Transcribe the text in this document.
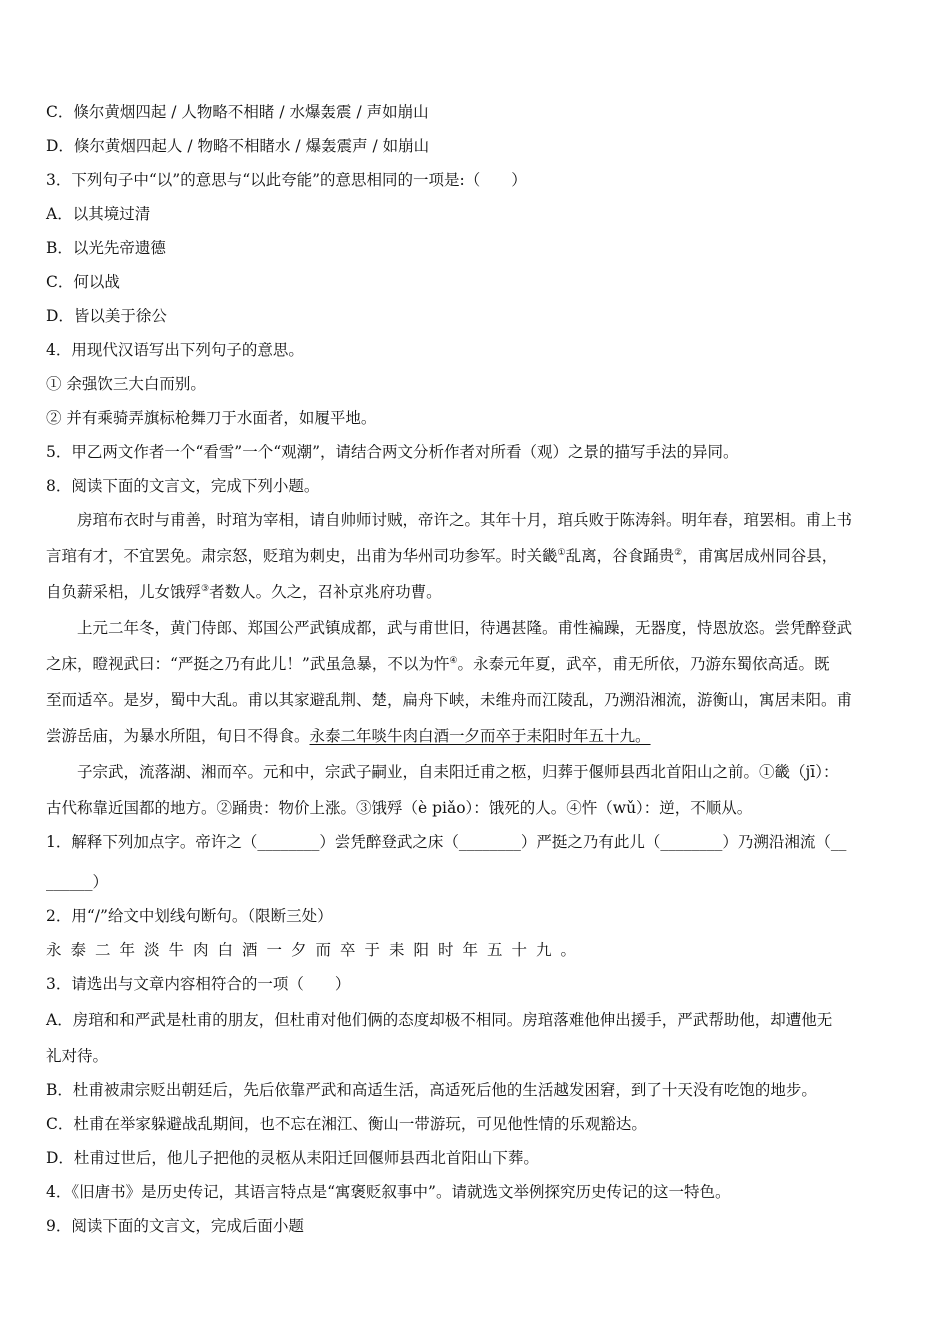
C．倏尔黄烟四起 / 人物略不相睹 / 水爆轰震 / 声如崩山
D．倏尔黄烟四起人 / 物略不相睹水 / 爆轰震声 / 如崩山
3．下列句子中“以”的意思与“以此夸能”的意思相同的一项是:（　　）
A．以其境过清
B．以光先帝遗德
C．何以战
D．皆以美于徐公
4．用现代汉语写出下列句子的意思。
① 余强饮三大白而别。
② 并有乘骑弄旗标枪舞刀于水面者，如履平地。
5．甲乙两文作者一个“看雪”一个“观潮”，请结合两文分析作者对所看（观）之景的描写手法的异同。
8．阅读下面的文言文，完成下列小题。
　　房琯布衣时与甫善，时琯为宰相，请自帅师讨贼，帝许之。其年十月，琯兵败于陈涛斜。明年春，琯罢相。甫上书
言琯有才，不宜罢免。肃宗怒，贬琯为刺史，出甫为华州司功参军。时关畿①乱离，谷食踊贵②，甫寓居成州同谷县，
自负薪采梠，儿女饿殍③者数人。久之，召补京兆府功曹。
　　上元二年冬，黄门侍郎、郑国公严武镇成都，武与甫世旧，待遇甚隆。甫性褊躁，无器度，恃恩放恣。尝凭醉登武
之床，瞪视武曰：“严挺之乃有此儿！”武虽急暴，不以为忤④。永泰元年夏，武卒，甫无所依，乃游东蜀依高适。既
至而适卒。是岁，蜀中大乱。甫以其家避乱荆、楚，扁舟下峡，未维舟而江陵乱，乃溯沿湘流，游衡山，寓居耒阳。甫
尝游岳庙，为暴水所阻，旬日不得食。永泰二年啖牛肉白酒一夕而卒于耒阳时年五十九。
　　子宗武，流落湖、湘而卒。元和中，宗武子嗣业，自耒阳迁甫之柩，归葬于偃师县西北首阳山之前。①畿（jī）：
古代称靠近国都的地方。②踊贵：物价上涨。③饿殍（è piǎo）：饿死的人。④忤（wǔ）：逆，不顺从。
1．解释下列加点字。帝许之（________）尝凭醉登武之床（________）严挺之乃有此儿（________）乃溯沿湘流（__
______）
2．用“/”给文中划线句断句。（限断三处）
永泰二年淡牛肉白酒一夕而卒于耒阳时年五十九。
3．请选出与文章内容相符合的一项（　　）
A．房琯和和严武是杜甫的朋友，但杜甫对他们俩的态度却极不相同。房琯落难他伸出援手，严武帮助他，却遭他无
礼对待。
B．杜甫被肃宗贬出朝廷后，先后依靠严武和高适生活，高适死后他的生活越发困窘，到了十天没有吃饱的地步。
C．杜甫在举家躲避战乱期间，也不忘在湘江、衡山一带游玩，可见他性情的乐观豁达。
D．杜甫过世后，他儿子把他的灵柩从耒阳迁回偃师县西北首阳山下葬。
4．《旧唐书》是历史传记，其语言特点是“寓褒贬叙事中”。请就选文举例探究历史传记的这一特色。
9．阅读下面的文言文，完成后面小题
